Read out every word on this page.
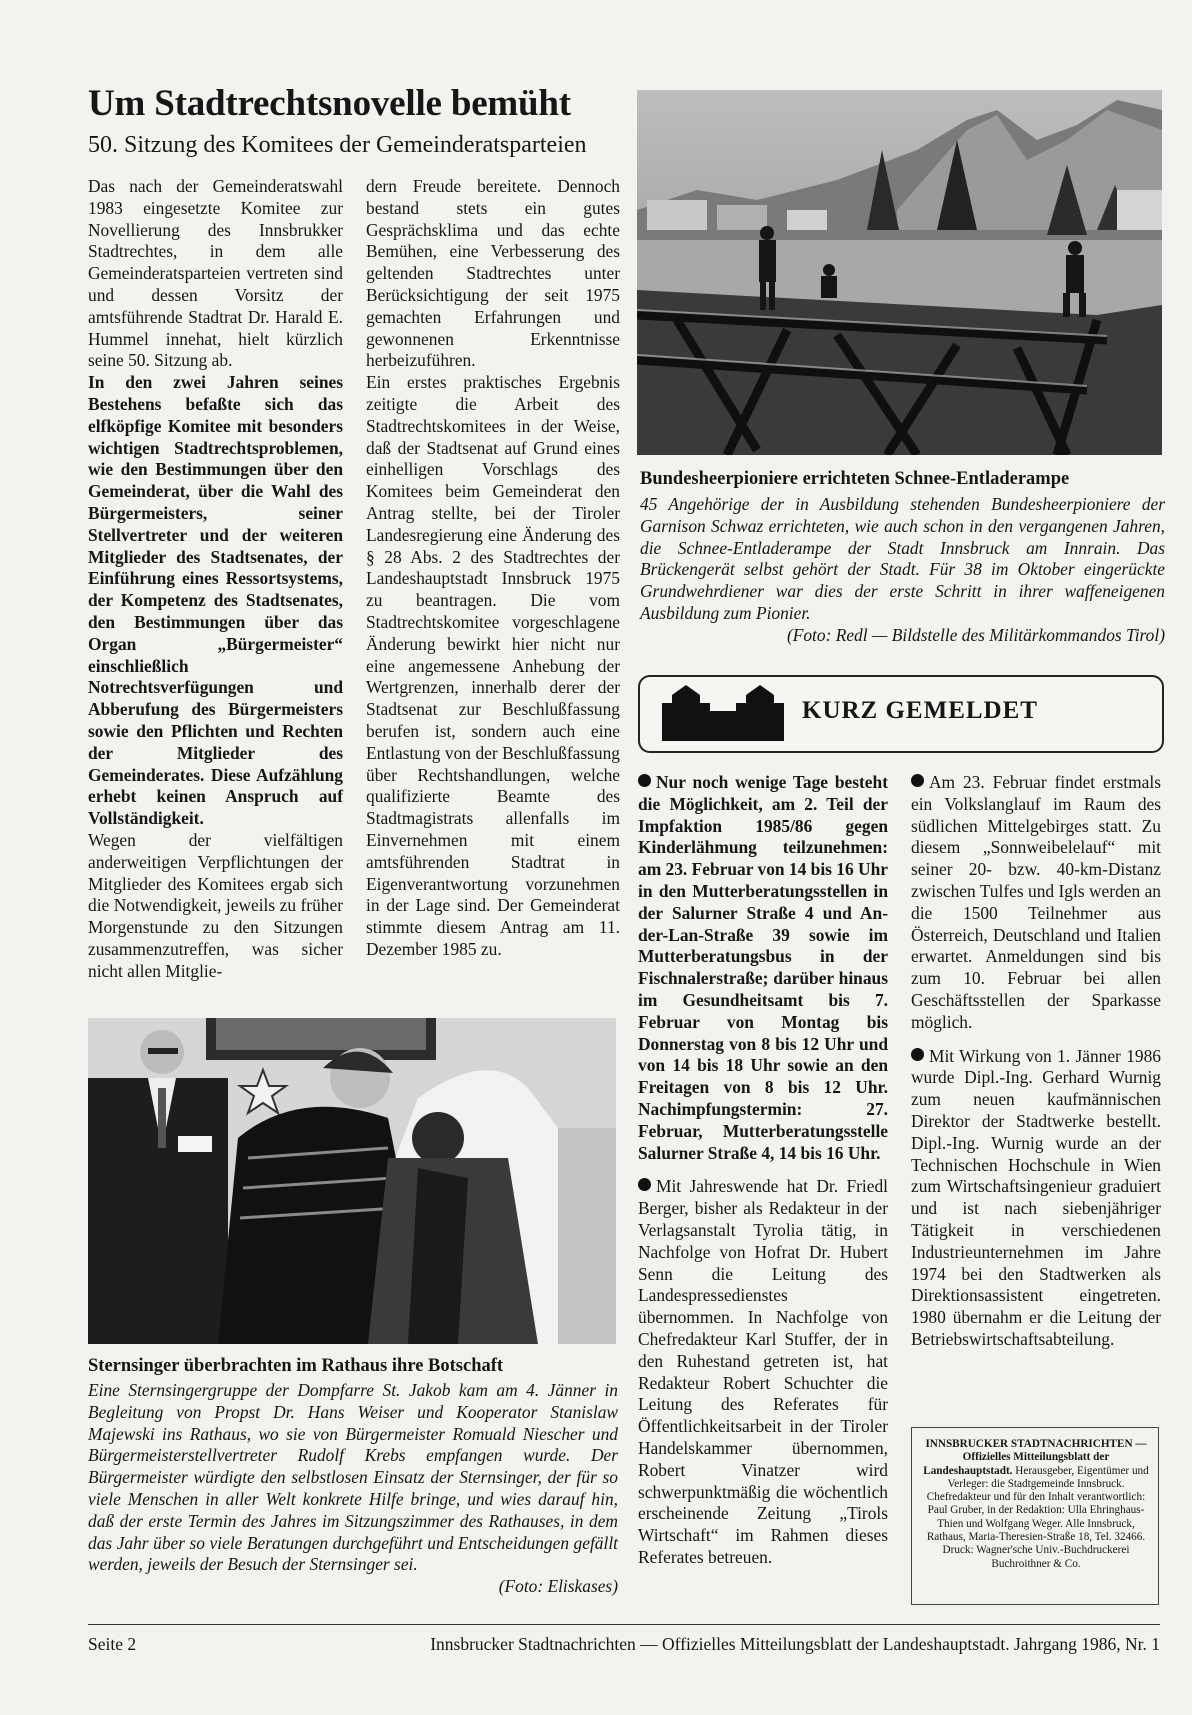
Um Stadtrechtsnovelle bemüht
50. Sitzung des Komitees der Gemeinderatsparteien

Das nach der Gemeinderatswahl 1983 eingesetzte Komitee zur Novellierung des Innsbrukker Stadtrechtes, in dem alle Gemeinderatsparteien vertreten sind und dessen Vorsitz der amtsführende Stadtrat Dr. Harald E. Hummel innehat, hielt kürzlich seine 50. Sitzung ab.

In den zwei Jahren seines Bestehens befaßte sich das elfköpfige Komitee mit besonders wichtigen Stadtrechtsproblemen, wie den Bestimmungen über den Gemeinderat, über die Wahl des Bürgermeisters, seiner Stellvertreter und der weiteren Mitglieder des Stadtsenates, der Einführung eines Ressortsystems, der Kompetenz des Stadtsenates, den Bestimmungen über das Organ „Bürgermeister“ einschließlich Notrechtsverfügungen und Abberufung des Bürgermeisters sowie den Pflichten und Rechten der Mitglieder des Gemeinderates. Diese Aufzählung erhebt keinen Anspruch auf Vollständigkeit.

Wegen der vielfältigen anderweitigen Verpflichtungen der Mitglieder des Komitees ergab sich die Notwendigkeit, jeweils zu früher Morgenstunde zu den Sitzungen zusammenzutreffen, was sicher nicht allen Mitglie-

dern Freude bereitete. Dennoch bestand stets ein gutes Gesprächsklima und das echte Bemühen, eine Verbesserung des geltenden Stadtrechtes unter Berücksichtigung der seit 1975 gemachten Erfahrungen und gewonnenen Erkenntnisse herbeizuführen.

Ein erstes praktisches Ergebnis zeitigte die Arbeit des Stadtrechtskomitees in der Weise, daß der Stadtsenat auf Grund eines einhelligen Vorschlags des Komitees beim Gemeinderat den Antrag stellte, bei der Tiroler Landesregierung eine Änderung des § 28 Abs. 2 des Stadtrechtes der Landeshauptstadt Innsbruck 1975 zu beantragen. Die vom Stadtrechtskomitee vorgeschlagene Änderung bewirkt hier nicht nur eine angemessene Anhebung der Wertgrenzen, innerhalb derer der Stadtsenat zur Beschlußfassung berufen ist, sondern auch eine Entlastung von der Beschlußfassung über Rechtshandlungen, welche qualifizierte Beamte des Stadtmagistrats allenfalls im Einvernehmen mit einem amtsführenden Stadtrat in Eigenverantwortung vorzunehmen in der Lage sind. Der Gemeinderat stimmte diesem Antrag am 11. Dezember 1985 zu.

Bundesheerpioniere errichteten Schnee-Entladerampe
45 Angehörige der in Ausbildung stehenden Bundesheerpioniere der Garnison Schwaz errichteten, wie auch schon in den vergangenen Jahren, die Schnee-Entladerampe der Stadt Innsbruck am Innrain. Das Brückengerät selbst gehört der Stadt. Für 38 im Oktober eingerückte Grundwehrdiener war dies der erste Schritt in ihrer waffeneigenen Ausbildung zum Pionier.
(Foto: Redl — Bildstelle des Militärkommandos Tirol)
KURZ GEMELDET

Nur noch wenige Tage besteht die Möglichkeit, am 2. Teil der Impfaktion 1985/86 gegen Kinderlähmung teilzunehmen: am 23. Februar von 14 bis 16 Uhr in den Mutterberatungsstellen in der Salurner Straße 4 und An-der-Lan-Straße 39 sowie im Mutterberatungsbus in der Fischnalerstraße; darüber hinaus im Gesundheitsamt bis 7. Februar von Montag bis Donnerstag von 8 bis 12 Uhr und von 14 bis 18 Uhr sowie an den Freitagen von 8 bis 12 Uhr. Nachimpfungstermin: 27. Februar, Mutterberatungsstelle Salurner Straße 4, 14 bis 16 Uhr.

Mit Jahreswende hat Dr. Friedl Berger, bisher als Redakteur in der Verlagsanstalt Tyrolia tätig, in Nachfolge von Hofrat Dr. Hubert Senn die Leitung des Landespressedienstes übernommen. In Nachfolge von Chefredakteur Karl Stuffer, der in den Ruhestand getreten ist, hat Redakteur Robert Schuchter die Leitung des Referates für Öffentlichkeitsarbeit in der Tiroler Handelskammer übernommen, Robert Vinatzer wird schwerpunktmäßig die wöchentlich erscheinende Zeitung „Tirols Wirtschaft“ im Rahmen dieses Referates betreuen.

Am 23. Februar findet erstmals ein Volkslanglauf im Raum des südlichen Mittelgebirges statt. Zu diesem „Sonnweibelelauf“ mit seiner 20- bzw. 40-km-Distanz zwischen Tulfes und Igls werden an die 1500 Teilnehmer aus Österreich, Deutschland und Italien erwartet. Anmeldungen sind bis zum 10. Februar bei allen Geschäftsstellen der Sparkasse möglich.

Mit Wirkung von 1. Jänner 1986 wurde Dipl.-Ing. Gerhard Wurnig zum neuen kaufmännischen Direktor der Stadtwerke bestellt. Dipl.-Ing. Wurnig wurde an der Technischen Hochschule in Wien zum Wirtschaftsingenieur graduiert und ist nach siebenjähriger Tätigkeit in verschiedenen Industrieunternehmen im Jahre 1974 bei den Stadtwerken als Direktionsassistent eingetreten. 1980 übernahm er die Leitung der Betriebswirtschaftsabteilung.

Sternsinger überbrachten im Rathaus ihre Botschaft
Eine Sternsingergruppe der Dompfarre St. Jakob kam am 4. Jänner in Begleitung von Propst Dr. Hans Weiser und Kooperator Stanislaw Majewski ins Rathaus, wo sie von Bürgermeister Romuald Niescher und Bürgermeisterstellvertreter Rudolf Krebs empfangen wurde. Der Bürgermeister würdigte den selbstlosen Einsatz der Sternsinger, der für so viele Menschen in aller Welt konkrete Hilfe bringe, und wies darauf hin, daß der erste Termin des Jahres im Sitzungszimmer des Rathauses, in dem das Jahr über so viele Beratungen durchgeführt und Entscheidungen gefällt werden, jeweils der Besuch der Sternsinger sei.
(Foto: Eliskases)
INNSBRUCKER STADTNACHRICHTEN — Offizielles Mitteilungsblatt der Landeshauptstadt. Herausgeber, Eigentümer und Verleger: die Stadtgemeinde Innsbruck. Chefredakteur und für den Inhalt verantwortlich: Paul Gruber, in der Redaktion: Ulla Ehringhaus-Thien und Wolfgang Weger. Alle Innsbruck, Rathaus, Maria-Theresien-Straße 18, Tel. 32466. Druck: Wagner'sche Univ.-Buchdruckerei Buchroithner & Co.
Seite 2	Innsbrucker Stadtnachrichten — Offizielles Mitteilungsblatt der Landeshauptstadt. Jahrgang 1986, Nr. 1
